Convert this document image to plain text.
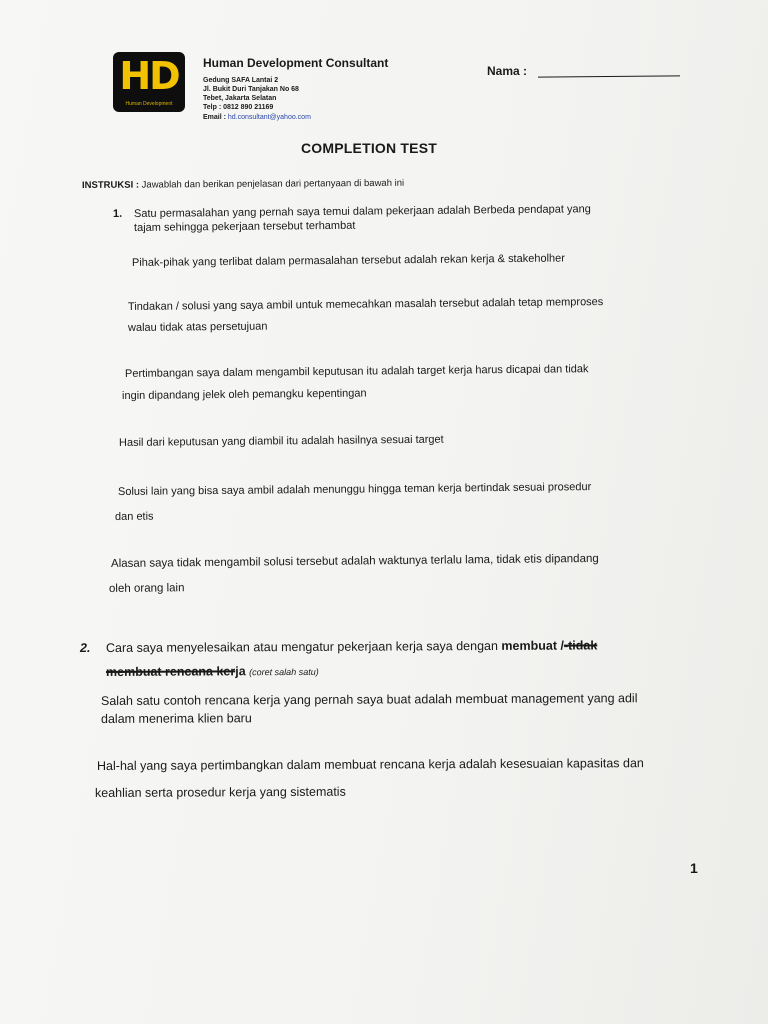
HD
Human Development
Human Development Consultant
Gedung SAFA Lantai 2
Jl. Bukit Duri Tanjakan No 68
Tebet, Jakarta Selatan
Telp : 0812 890 21169
Email : hd.consultant@yahoo.com
Nama :
COMPLETION TEST
INSTRUKSI : Jawablah dan berikan penjelasan dari pertanyaan di bawah ini
1. Satu permasalahan yang pernah saya temui dalam pekerjaan adalah Berbeda pendapat yang
tajam sehingga pekerjaan tersebut terhambat
Pihak-pihak yang terlibat dalam permasalahan tersebut adalah rekan kerja & stakeholher
Tindakan / solusi yang saya ambil untuk memecahkan masalah tersebut adalah tetap memproses
walau tidak atas persetujuan
Pertimbangan saya dalam mengambil keputusan itu adalah target kerja harus dicapai dan tidak
ingin dipandang jelek oleh pemangku kepentingan
Hasil dari keputusan yang diambil itu adalah hasilnya sesuai target
Solusi lain yang bisa saya ambil adalah menunggu hingga teman kerja bertindak sesuai prosedur
dan etis
Alasan saya tidak mengambil solusi tersebut adalah waktunya terlalu lama, tidak etis dipandang
oleh orang lain
2. Cara saya menyelesaikan atau mengatur pekerjaan kerja saya dengan membuat /-tidak
membuat rencana kerja (coret salah satu)
Salah satu contoh rencana kerja yang pernah saya buat adalah membuat management yang adil
dalam menerima klien baru
Hal-hal yang saya pertimbangkan dalam membuat rencana kerja adalah kesesuaian kapasitas dan
keahlian serta prosedur kerja yang sistematis
1
